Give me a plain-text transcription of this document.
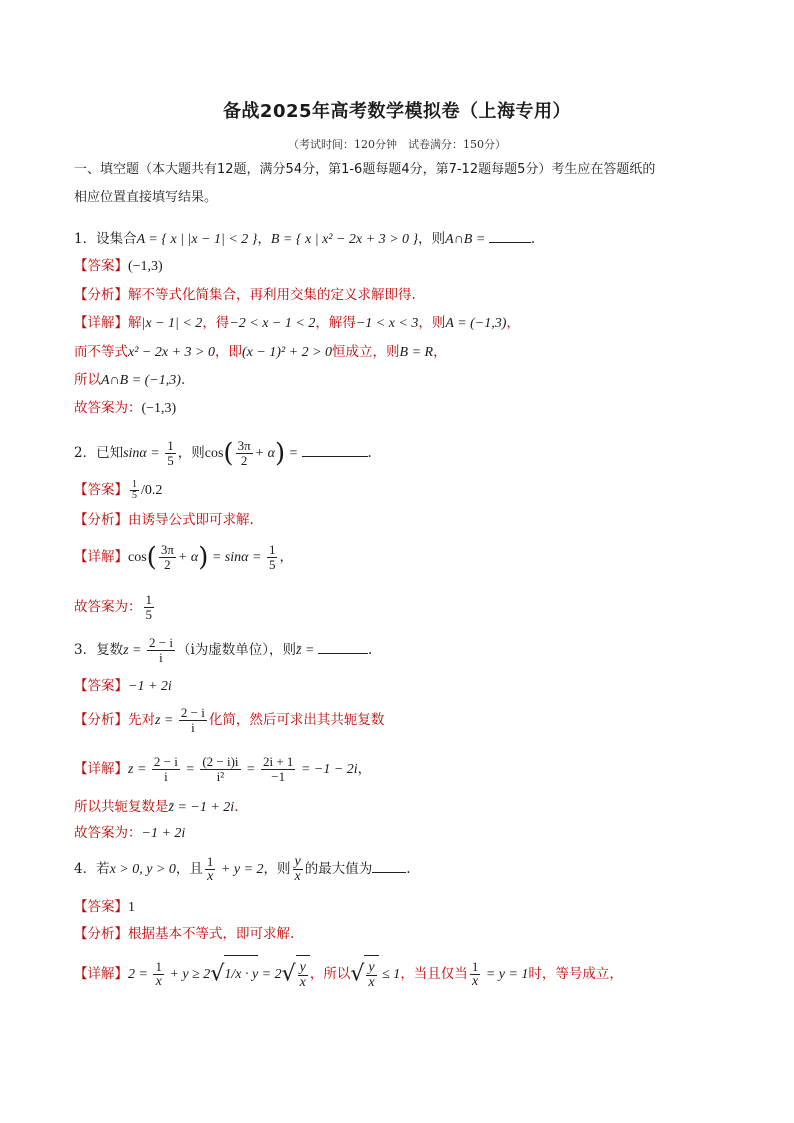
备战2025年高考数学模拟卷（上海专用）
（考试时间：120分钟　试卷满分：150分）
一、填空题（本大题共有12题，满分54分，第1-6题每题4分，第7-12题每题5分）考生应在答题纸的
相应位置直接填写结果。
1．设集合A = { x | |x − 1| < 2 }，B = { x | x² − 2x + 3 > 0 }，则A∩B =	.
【答案】(−1,3)
【分析】解不等式化简集合，再利用交集的定义求解即得.
【详解】解|x − 1| < 2，得−2 < x − 1 < 2，解得−1 < x < 3，则A = (−1,3)，
而不等式x² − 2x + 3 > 0，即(x − 1)² + 2 > 0恒成立，则B = R，
所以A∩B = (−1,3).
故答案为：(−1,3)
2．已知$\sin\alpha = \frac{1}{5}$ ，则$\cos( \frac{3\pi}{2} + \alpha)$ =	.
【答案】 $\frac{1}{5} /0.2$
【分析】由诱导公式即可求解.
【详解】$\cos( \frac{3\pi}{2} + \alpha) = \sin\alpha = \frac{1}{5}$ ，
故答案为： $\frac{1}{5}$
3．复数$z = \frac{2 - i}{i} (i$为虚数单位），则z̄ =	.
【答案】−1 + 2i
【分析】先对$z = \frac{2 - i}{i}$ 化简，然后可求出其共轭复数
【详解】$z = \frac{2 - i}{i} = \frac{(2 - i)i}{\text{i²}} = \frac{2i + 1}{-1} = -1 - 2i$，
所以共轭复数是z̄ = −1 + 2i.
故答案为：−1 + 2i
4．若x > 0, y > 0，且 $\frac{1}{x} + y = 2$，则 $\frac{y}{x}$ 的最大值为	.
【答案】1
【分析】根据基本不等式，即可求解.
【详解】$2 = \frac{1}{x} + y \ge 2√1/x \cdot y = 2√ \frac{y}{x}$ ，所以√ $\frac{y}{x} \le 1$，当且仅当 $\frac{1}{x} = y = 1$时，等号成立，
